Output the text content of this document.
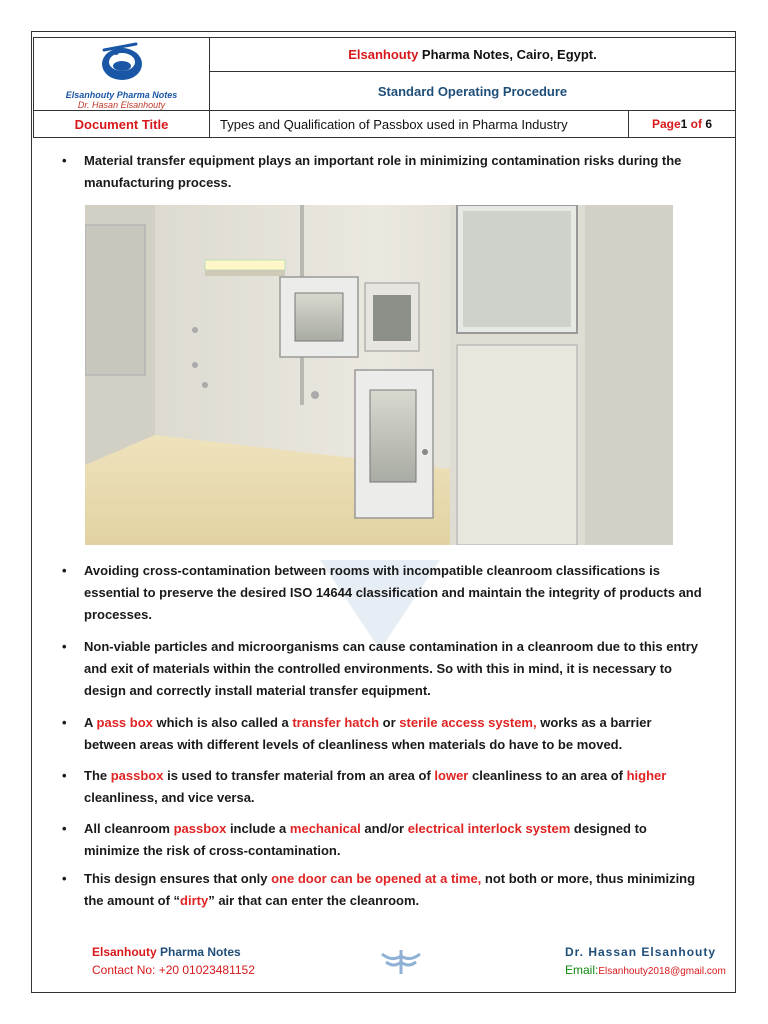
Elsanhouty Pharma Notes
Dr. Hasan Elsanhouty	Elsanhouty Pharma Notes, Cairo, Egypt.	
	Standard Operating Procedure	
Document Title	Types and Qualification of Passbox used in Pharma Industry	Page1 of 6
• Material transfer equipment plays an important role in minimizing contamination risks during the manufacturing process.
• Avoiding cross-contamination between rooms with incompatible cleanroom classifications is essential to preserve the desired ISO 14644 classification and maintain the integrity of products and processes.
• Non-viable particles and microorganisms can cause contamination in a cleanroom due to this entry and exit of materials within the controlled environments. So with this in mind, it is necessary to design and correctly install material transfer equipment.
• A pass box which is also called a transfer hatch or sterile access system, works as a barrier between areas with different levels of cleanliness when materials do have to be moved.
• The passbox is used to transfer material from an area of lower cleanliness to an area of higher cleanliness, and vice versa.
• All cleanroom passbox include a mechanical and/or electrical interlock system designed to minimize the risk of cross-contamination.
• This design ensures that only one door can be opened at a time, not both or more, thus minimizing the amount of “dirty” air that can enter the cleanroom.
Elsanhouty Pharma Notes
Contact No: +20 01023481152
Dr. Hassan Elsanhouty
Email:Elsanhouty2018@gmail.com
